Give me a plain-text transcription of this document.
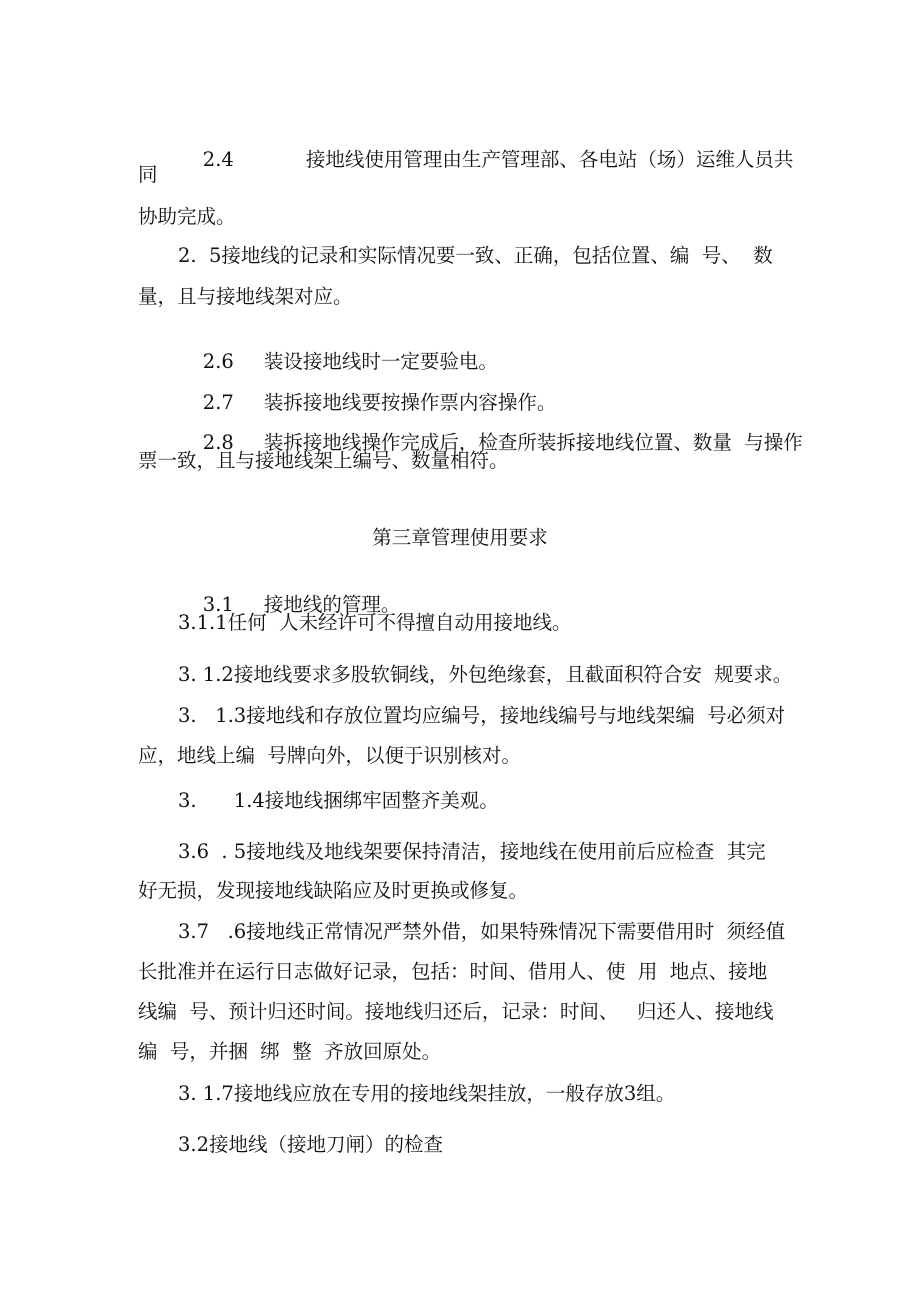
2.4	接地线使用管理由生产管理部、各电站（场）运维人员共

同
协助完成。
2.  5接地线的记录和实际情况要一致、正确，包括位置、编  号、  数
量，且与接地线架对应。

2.6 装设接地线时一定要验电。

2.7 装拆接地线要按操作票内容操作。

2.8 装拆接地线操作完成后，检查所装拆接地线位置、数量  与操作

票一致，且与接地线架上编号、数量相符。
第三章管理使用要求

3.1 接地线的管理。

3.1.1任何  人未经许可不得擅自动用接地线。
3. 1.2接地线要求多股软铜线，外包绝缘套，且截面积符合安  规要求。
3.   1.3接地线和存放位置均应编号，接地线编号与地线架编  号必须对
应，地线上编  号牌向外，以便于识别核对。
3.      1.4接地线捆绑牢固整齐美观。
3.6  . 5接地线及地线架要保持清洁，接地线在使用前后应检查  其完
好无损，发现接地线缺陷应及时更换或修复。
3.7   .6接地线正常情况严禁外借，如果特殊情况下需要借用时  须经值
长批准并在运行日志做好记录，包括：时间、借用人、使  用  地点、接地
线编  号、预计归还时间。接地线归还后，记录：时间、   归还人、接地线
编  号，并捆  绑  整  齐放回原处。
3. 1.7接地线应放在专用的接地线架挂放，一般存放3组。
3.2接地线（接地刀闸）的检查
